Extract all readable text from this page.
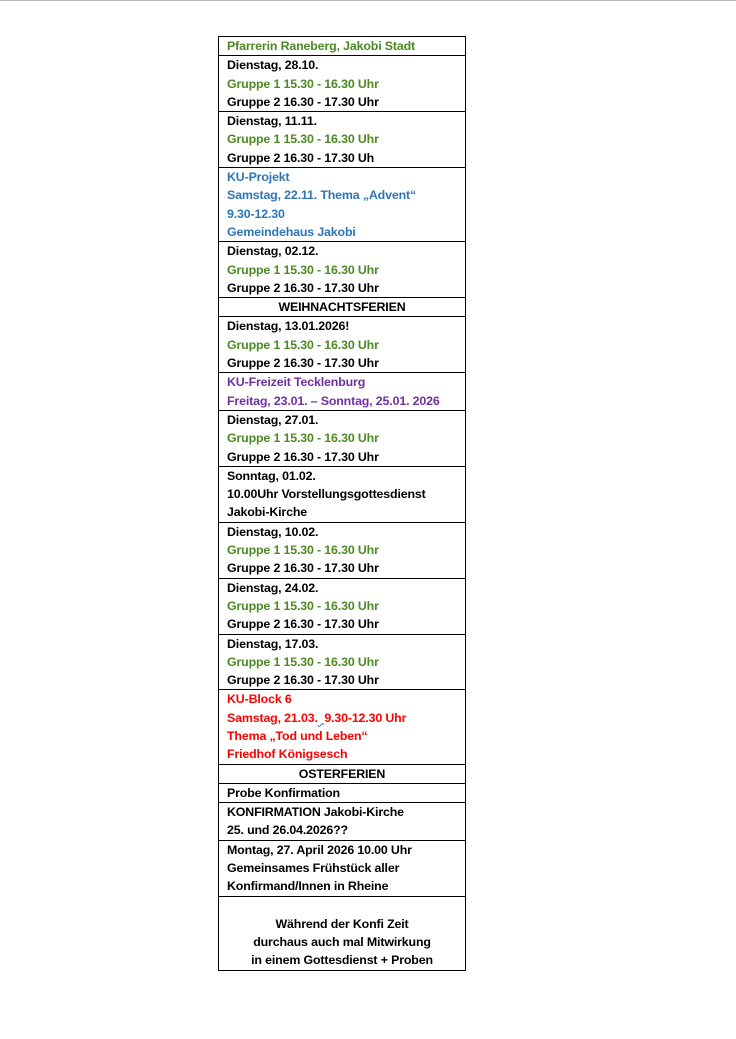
Pfarrerin Raneberg, Jakobi Stadt

Dienstag, 28.10.
Gruppe 1 15.30 - 16.30 Uhr
Gruppe 2 16.30 - 17.30 Uhr

Dienstag, 11.11.
Gruppe 1 15.30 - 16.30 Uhr
Gruppe 2 16.30 - 17.30 Uh

KU-Projekt
Samstag, 22.11. Thema „Advent“
9.30-12.30
Gemeindehaus Jakobi

Dienstag, 02.12.
Gruppe 1 15.30 - 16.30 Uhr
Gruppe 2 16.30 - 17.30 Uhr

WEIHNACHTSFERIEN

Dienstag, 13.01.2026!
Gruppe 1 15.30 - 16.30 Uhr
Gruppe 2 16.30 - 17.30 Uhr

KU-Freizeit Tecklenburg
Freitag, 23.01. – Sonntag, 25.01. 2026

Dienstag, 27.01.
Gruppe 1 15.30 - 16.30 Uhr
Gruppe 2 16.30 - 17.30 Uhr

Sonntag, 01.02.
10.00Uhr Vorstellungsgottesdienst
Jakobi-Kirche

Dienstag, 10.02.
Gruppe 1 15.30 - 16.30 Uhr
Gruppe 2 16.30 - 17.30 Uhr

Dienstag, 24.02.
Gruppe 1 15.30 - 16.30 Uhr
Gruppe 2 16.30 - 17.30 Uhr

Dienstag, 17.03.
Gruppe 1 15.30 - 16.30 Uhr
Gruppe 2 16.30 - 17.30 Uhr

KU-Block 6
Samstag, 21.03. 9.30-12.30 Uhr
Thema „Tod und Leben“
Friedhof Königsesch

OSTERFERIEN
Probe Konfirmation

KONFIRMATION Jakobi-Kirche
25. und 26.04.2026??

Montag, 27. April 2026 10.00 Uhr
Gemeinsames Frühstück aller
Konfirmand/Innen in Rheine

Während der Konfi Zeit
durchaus auch mal Mitwirkung
in einem Gottesdienst + Proben
